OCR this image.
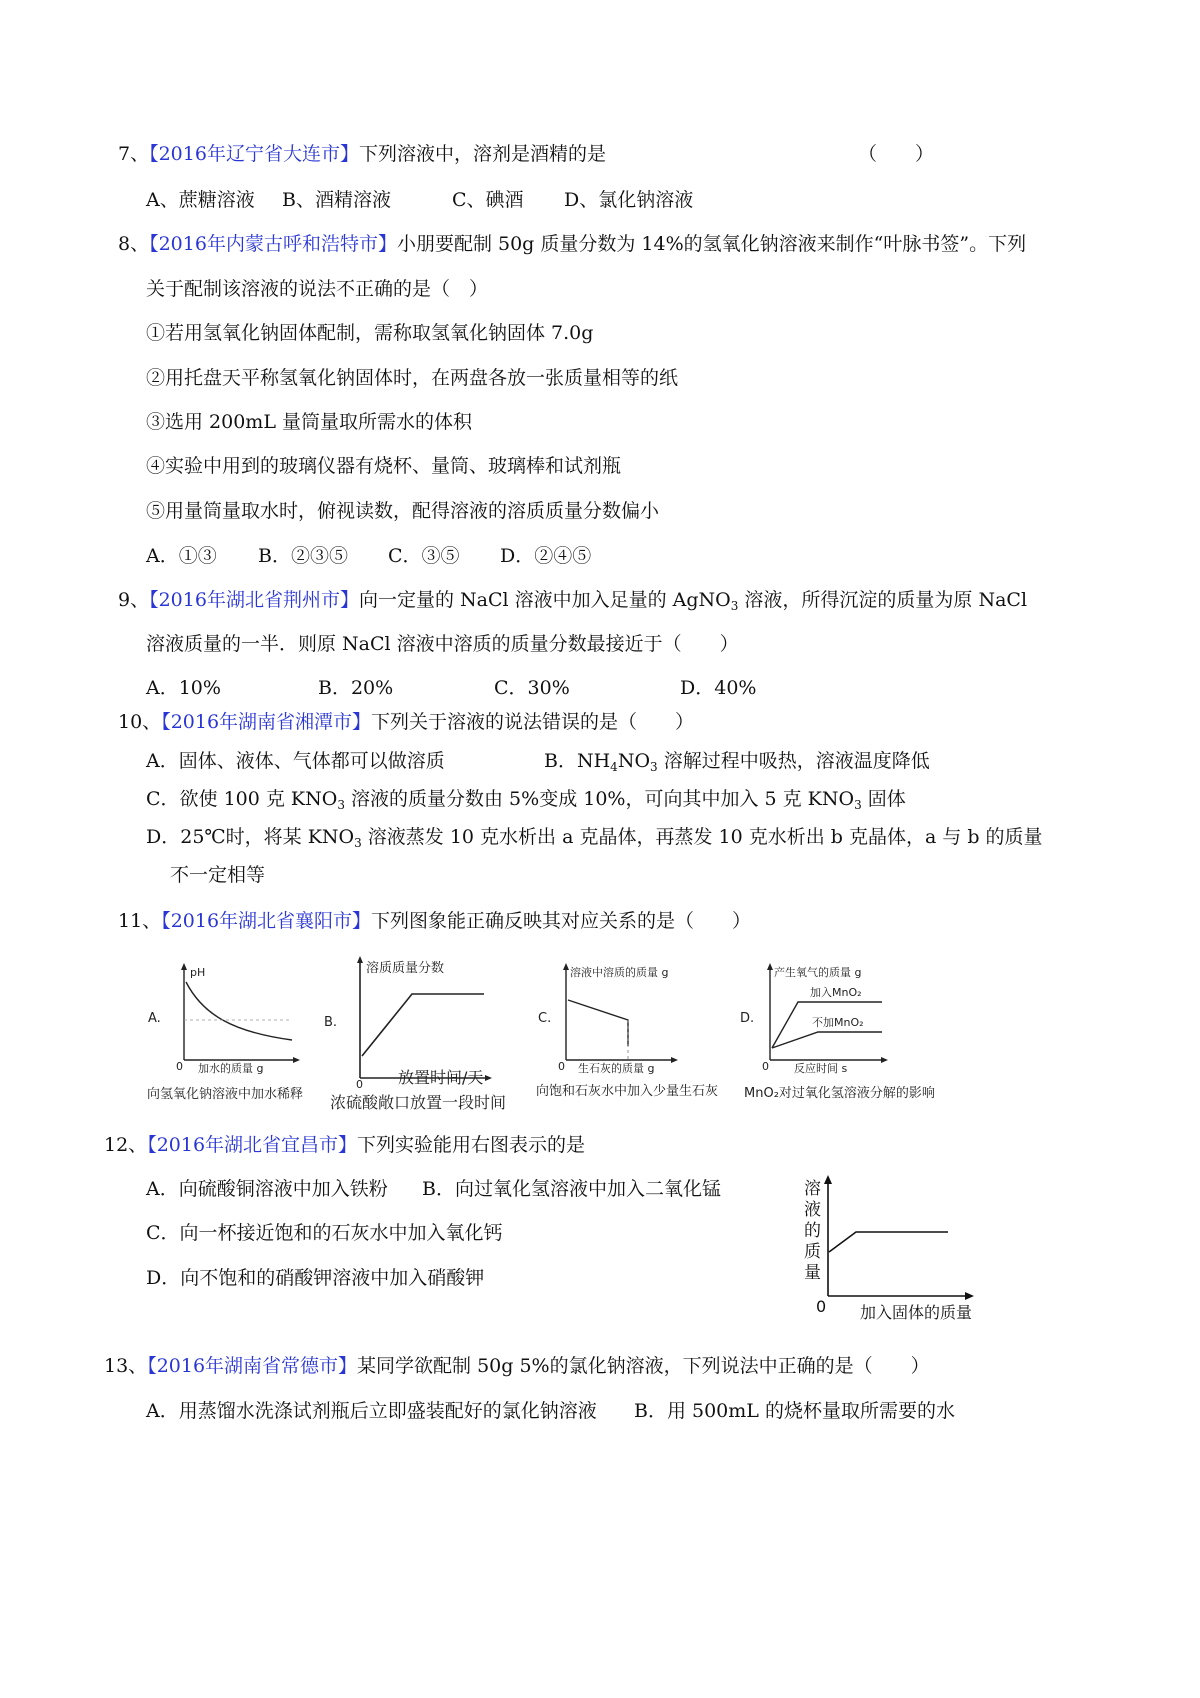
7、【2016年辽宁省大连市】下列溶液中，溶剂是酒精的是	（　　）
A、蔗糖溶液 B、酒精溶液	C、碘酒 D、氯化钠溶液
8、【2016年内蒙古呼和浩特市】小朋要配制 50g 质量分数为 14%的氢氧化钠溶液来制作“叶脉书签”。下列
关于配制该溶液的说法不正确的是（　）
①若用氢氧化钠固体配制，需称取氢氧化钠固体 7.0g
②用托盘天平称氢氧化钠固体时，在两盘各放一张质量相等的纸
③选用 200mL 量筒量取所需水的体积
④实验中用到的玻璃仪器有烧杯、量筒、玻璃棒和试剂瓶
⑤用量筒量取水时，俯视读数，配得溶液的溶质质量分数偏小
A．①③ B．②③⑤ C．③⑤ D．②④⑤
9、【2016年湖北省荆州市】向一定量的 NaCl 溶液中加入足量的 AgNO$_3$ 溶液，所得沉淀的质量为原 NaCl
溶液质量的一半．则原 NaCl 溶液中溶质的质量分数最接近于（　　）
A．10%	B．20%	C．30%	D．40%
10、【2016年湖南省湘潭市】下列关于溶液的说法错误的是（　　）
A．固体、液体、气体都可以做溶质	B．$NH_4NO_3$ 溶解过程中吸热，溶液温度降低
C．欲使 100 克 $KNO_3$ 溶液的质量分数由 5%变成 10%，可向其中加入 5 克 $KNO_3$ 固体
D．25℃时，将某 $KNO_3$ 溶液蒸发 10 克水析出 a 克晶体，再蒸发 10 克水析出 b 克晶体，a 与 b 的质量
不一定相等
11、【2016年湖北省襄阳市】下列图象能正确反映其对应关系的是（　　）
A.
pH
0 加水的质量 g
向氢氧化钠溶液中加水稀释
B.
溶质质量分数
0 放置时间/天
浓硫酸敞口放置一段时间
C.
溶液中溶质的质量 g
0 生石灰的质量 g
向饱和石灰水中加入少量生石灰
D.
产生氧气的质量 g
加入MnO₂
不加MnO₂
0 反应时间 s
MnO₂对过氧化氢溶液分解的影响
12、【2016年湖北省宜昌市】下列实验能用右图表示的是
A．向硫酸铜溶液中加入铁粉 B．向过氧化氢溶液中加入二氧化锰
C．向一杯接近饱和的石灰水中加入氧化钙
D．向不饱和的硝酸钾溶液中加入硝酸钾
溶
液
的
质
量
0 加入固体的质量
13、【2016年湖南省常德市】某同学欲配制 50g 5%的氯化钠溶液，下列说法中正确的是（　　）
A．用蒸馏水洗涤试剂瓶后立即盛装配好的氯化钠溶液 B．用 500mL 的烧杯量取所需要的水
